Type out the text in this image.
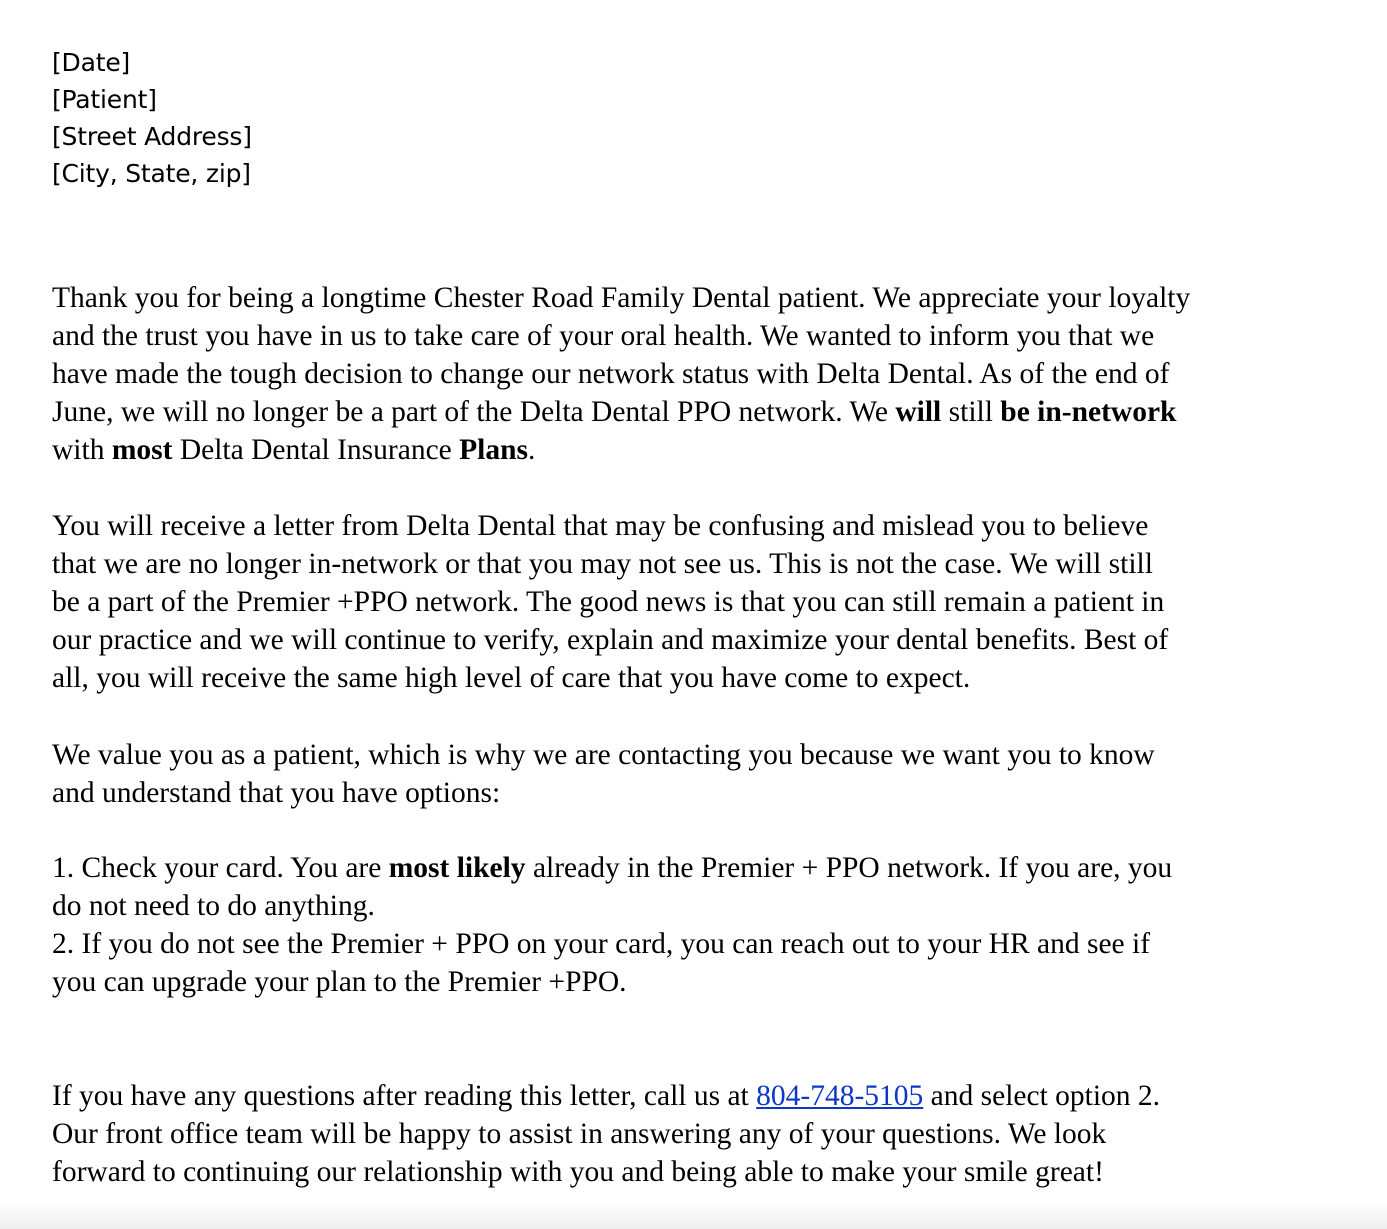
[Date]
[Patient]
[Street Address]
[City, State, zip]
Thank you for being a longtime Chester Road Family Dental patient. We appreciate your loyalty
and the trust you have in us to take care of your oral health. We wanted to inform you that we
have made the tough decision to change our network status with Delta Dental. As of the end of
June, we will no longer be a part of the Delta Dental PPO network. We will still be in-network
with most Delta Dental Insurance Plans.
You will receive a letter from Delta Dental that may be confusing and mislead you to believe
that we are no longer in-network or that you may not see us. This is not the case. We will still
be a part of the Premier +PPO network. The good news is that you can still remain a patient in
our practice and we will continue to verify, explain and maximize your dental benefits. Best of
all, you will receive the same high level of care that you have come to expect.
We value you as a patient, which is why we are contacting you because we want you to know
and understand that you have options:
1. Check your card. You are most likely already in the Premier + PPO network. If you are, you
do not need to do anything.
2. If you do not see the Premier + PPO on your card, you can reach out to your HR and see if
you can upgrade your plan to the Premier +PPO.
If you have any questions after reading this letter, call us at 804-748-5105 and select option 2.
Our front office team will be happy to assist in answering any of your questions. We look
forward to continuing our relationship with you and being able to make your smile great!
